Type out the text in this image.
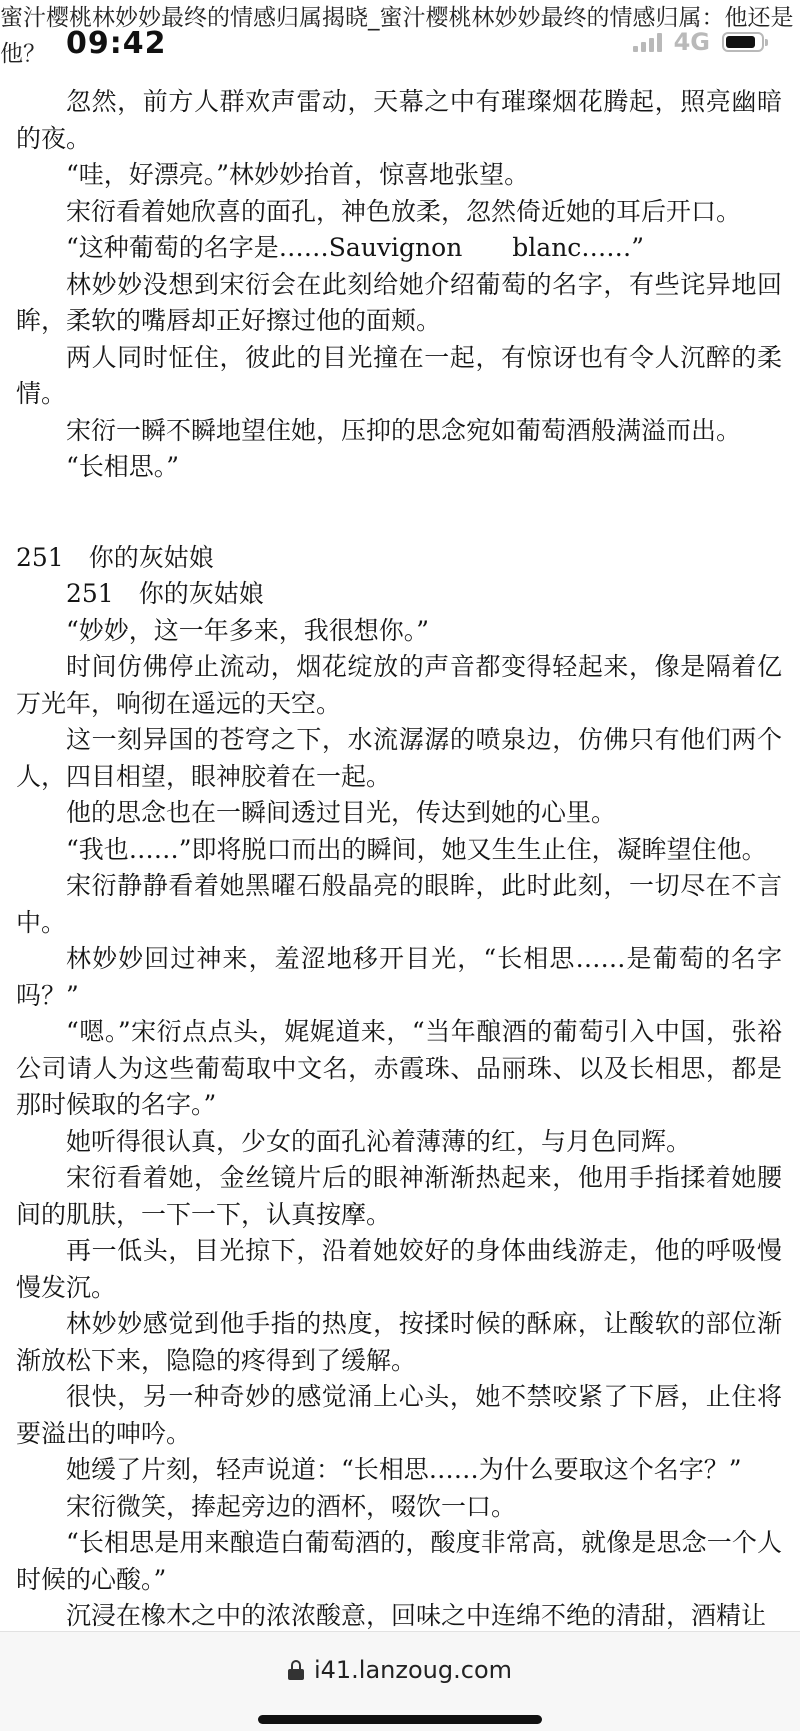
蜜汁樱桃林妙妙最终的情感归属揭晓_蜜汁樱桃林妙妙最终的情感归属：他还是他？ 09:42	4G

忽然，前方人群欢声雷动，天幕之中有璀璨烟花腾起，照亮幽暗的夜。

“哇，好漂亮。”林妙妙抬首，惊喜地张望。

宋衍看着她欣喜的面孔，神色放柔，忽然倚近她的耳后开口。

“这种葡萄的名字是……Sauvignon　　blanc……”

林妙妙没想到宋衍会在此刻给她介绍葡萄的名字，有些诧异地回眸，柔软的嘴唇却正好擦过他的面颊。

两人同时怔住，彼此的目光撞在一起，有惊讶也有令人沉醉的柔情。

宋衍一瞬不瞬地望住她，压抑的思念宛如葡萄酒般满溢而出。

“长相思。”

251　你的灰姑娘

251　你的灰姑娘

“妙妙，这一年多来，我很想你。”

时间仿佛停止流动，烟花绽放的声音都变得轻起来，像是隔着亿万光年，响彻在遥远的天空。

这一刻异国的苍穹之下，水流潺潺的喷泉边，仿佛只有他们两个人，四目相望，眼神胶着在一起。

他的思念也在一瞬间透过目光，传达到她的心里。

“我也……”即将脱口而出的瞬间，她又生生止住，凝眸望住他。

宋衍静静看着她黑曜石般晶亮的眼眸，此时此刻，一切尽在不言中。

林妙妙回过神来，羞涩地移开目光，“长相思……是葡萄的名字吗？”

“嗯。”宋衍点点头，娓娓道来，“当年酿酒的葡萄引入中国，张裕公司请人为这些葡萄取中文名，赤霞珠、品丽珠、以及长相思，都是那时候取的名字。”

她听得很认真，少女的面孔沁着薄薄的红，与月色同辉。

宋衍看着她，金丝镜片后的眼神渐渐热起来，他用手指揉着她腰间的肌肤，一下一下，认真按摩。

再一低头，目光掠下，沿着她姣好的身体曲线游走，他的呼吸慢慢发沉。

林妙妙感觉到他手指的热度，按揉时候的酥麻，让酸软的部位渐渐放松下来，隐隐的疼得到了缓解。

很快，另一种奇妙的感觉涌上心头，她不禁咬紧了下唇，止住将要溢出的呻吟。

她缓了片刻，轻声说道：“长相思……为什么要取这个名字？”

宋衍微笑，捧起旁边的酒杯，啜饮一口。

“长相思是用来酿造白葡萄酒的，酸度非常高，就像是思念一个人时候的心酸。”

沉浸在橡木之中的浓浓酸意，回味之中连绵不绝的清甜，酒精让

i41.lanzoug.com
